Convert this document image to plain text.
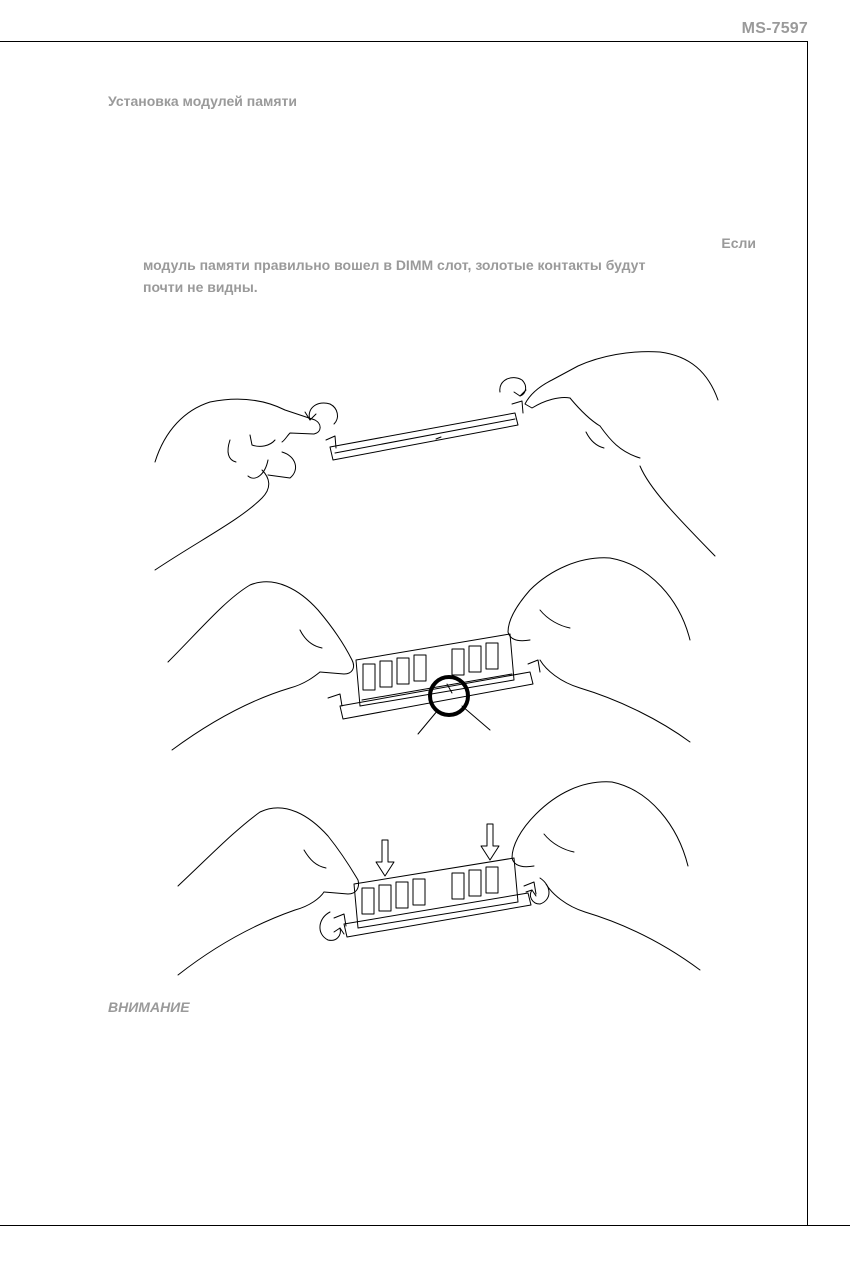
MS-7597
Установка модулей памяти
Если
модуль памяти правильно вошел в DIMM слот, золотые контакты будут
почти не видны.
ВНИМАНИЕ
